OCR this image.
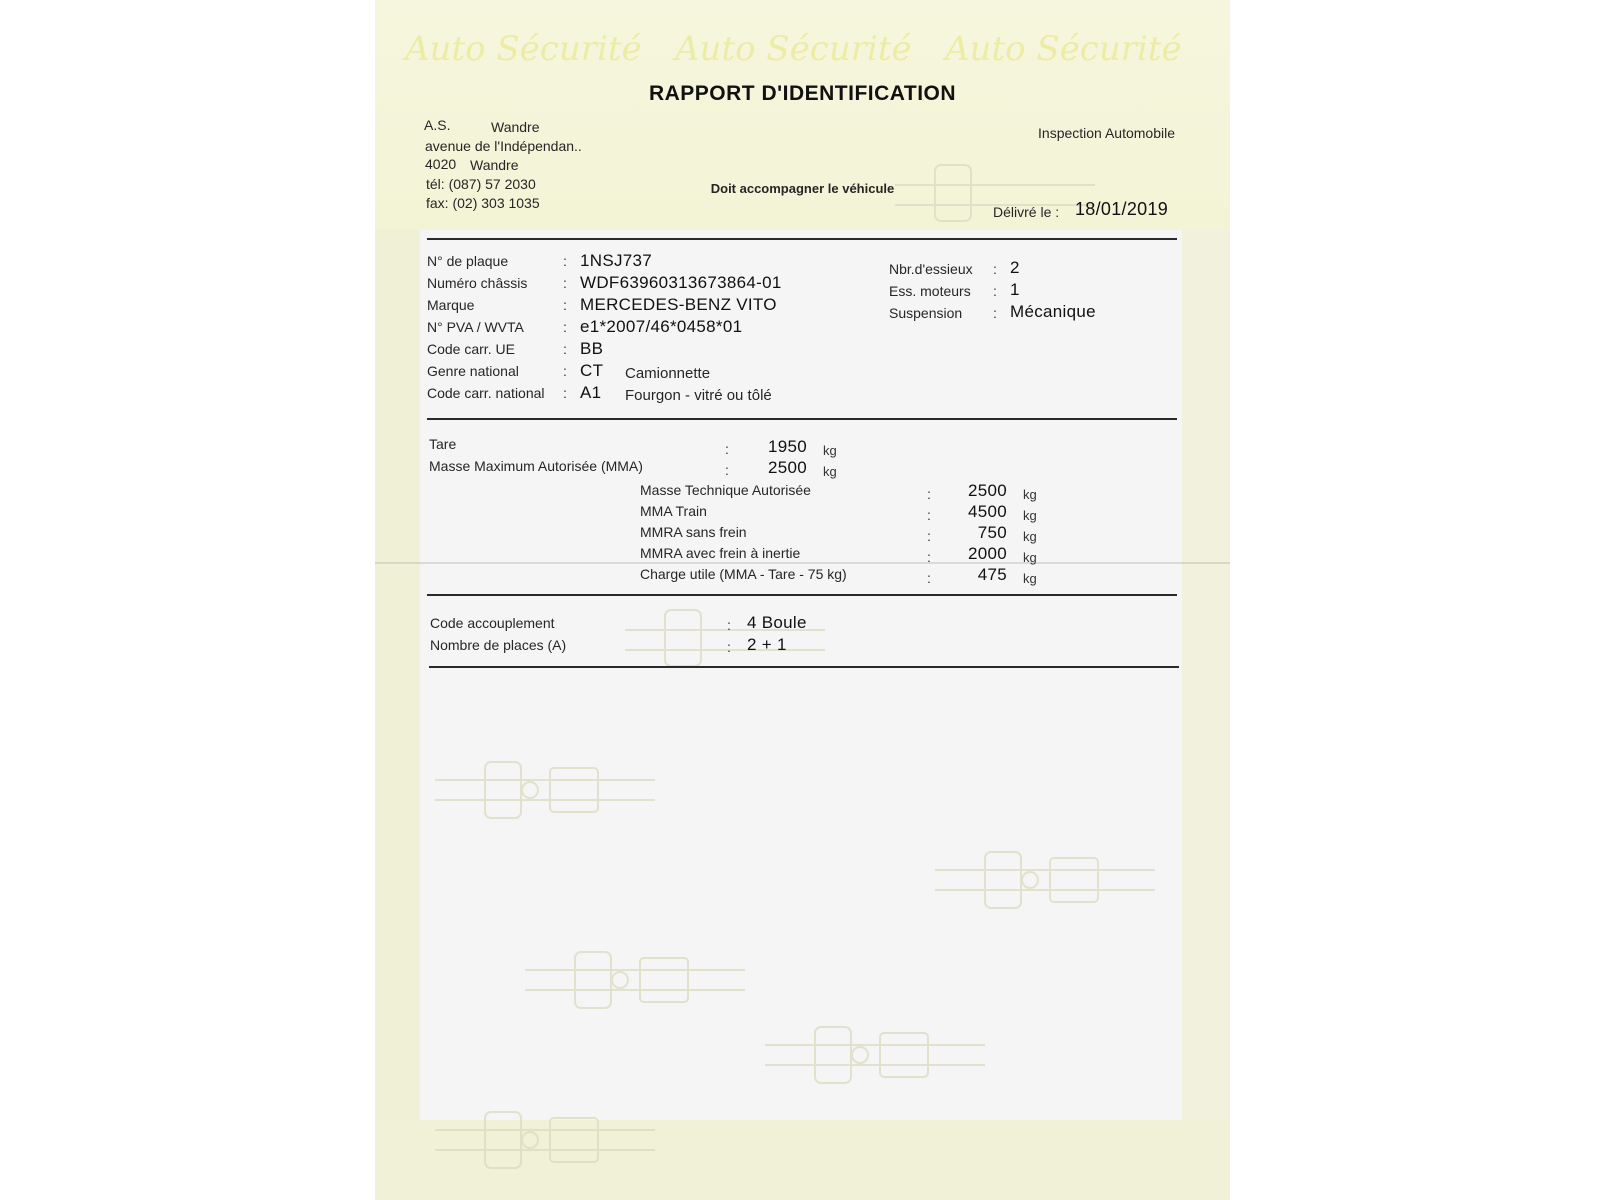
Auto Sécurité Auto Sécurité Auto Sécurité
RAPPORT D'IDENTIFICATION
A.S.	Wandre
avenue de l'Indépendan..
4020 Wandre
tél: (087) 57 2030
fax: (02) 303 1035
Inspection Automobile
Doit accompagner le véhicule
Délivré le : 18/01/2019
N° de plaque	: 1NSJ737
Numéro châssis	: WDF63960313673864-01
Marque	: MERCEDES-BENZ VITO
N° PVA / WVTA	: e1*2007/46*0458*01
Code carr. UE	: BB
Genre national	: CT Camionnette
Code carr. national : A1 Fourgon - vitré ou tôlé
Nbr.d'essieux : 2
Ess. moteurs : 1
Suspension : Mécanique
Tare	:	1950 kg
Masse Maximum Autorisée (MMA)	:	2500 kg
Masse Technique Autorisée	:	2500 kg
MMA Train	:	4500 kg
MMRA sans frein	:	750 kg
MMRA avec frein à inertie	:	2000 kg
Charge utile (MMA - Tare - 75 kg)	:	475 kg
Code accouplement	: 4 Boule
Nombre de places (A)	: 2 + 1
